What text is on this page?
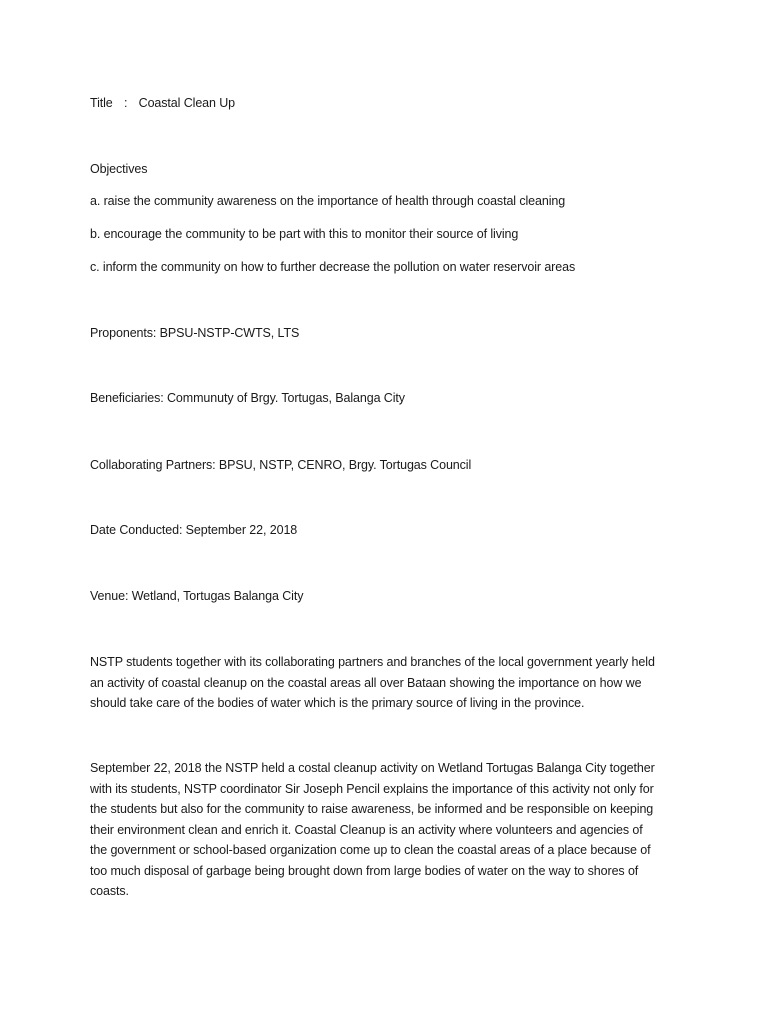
Title : Coastal Clean Up

Objectives

a. raise the community awareness on the importance of health through coastal cleaning

b. encourage the community to be part with this to monitor their source of living

c. inform the community on how to further decrease the pollution on water reservoir areas

Proponents: BPSU-NSTP-CWTS, LTS

Beneficiaries: Communuty of Brgy. Tortugas, Balanga City

Collaborating Partners: BPSU, NSTP, CENRO, Brgy. Tortugas Council

Date Conducted: September 22, 2018

Venue: Wetland, Tortugas Balanga City

NSTP students together with its collaborating partners and branches of the local government yearly held
an activity of coastal cleanup on the coastal areas all over Bataan showing the importance on how we
should take care of the bodies of water which is the primary source of living in the province.

September 22, 2018 the NSTP held a costal cleanup activity on Wetland Tortugas Balanga City together
with its students, NSTP coordinator Sir Joseph Pencil explains the importance of this activity not only for
the students but also for the community to raise awareness, be informed and be responsible on keeping
their environment clean and enrich it. Coastal Cleanup is an activity where volunteers and agencies of
the government or school-based organization come up to clean the coastal areas of a place because of
too much disposal of garbage being brought down from large bodies of water on the way to shores of
coasts.
